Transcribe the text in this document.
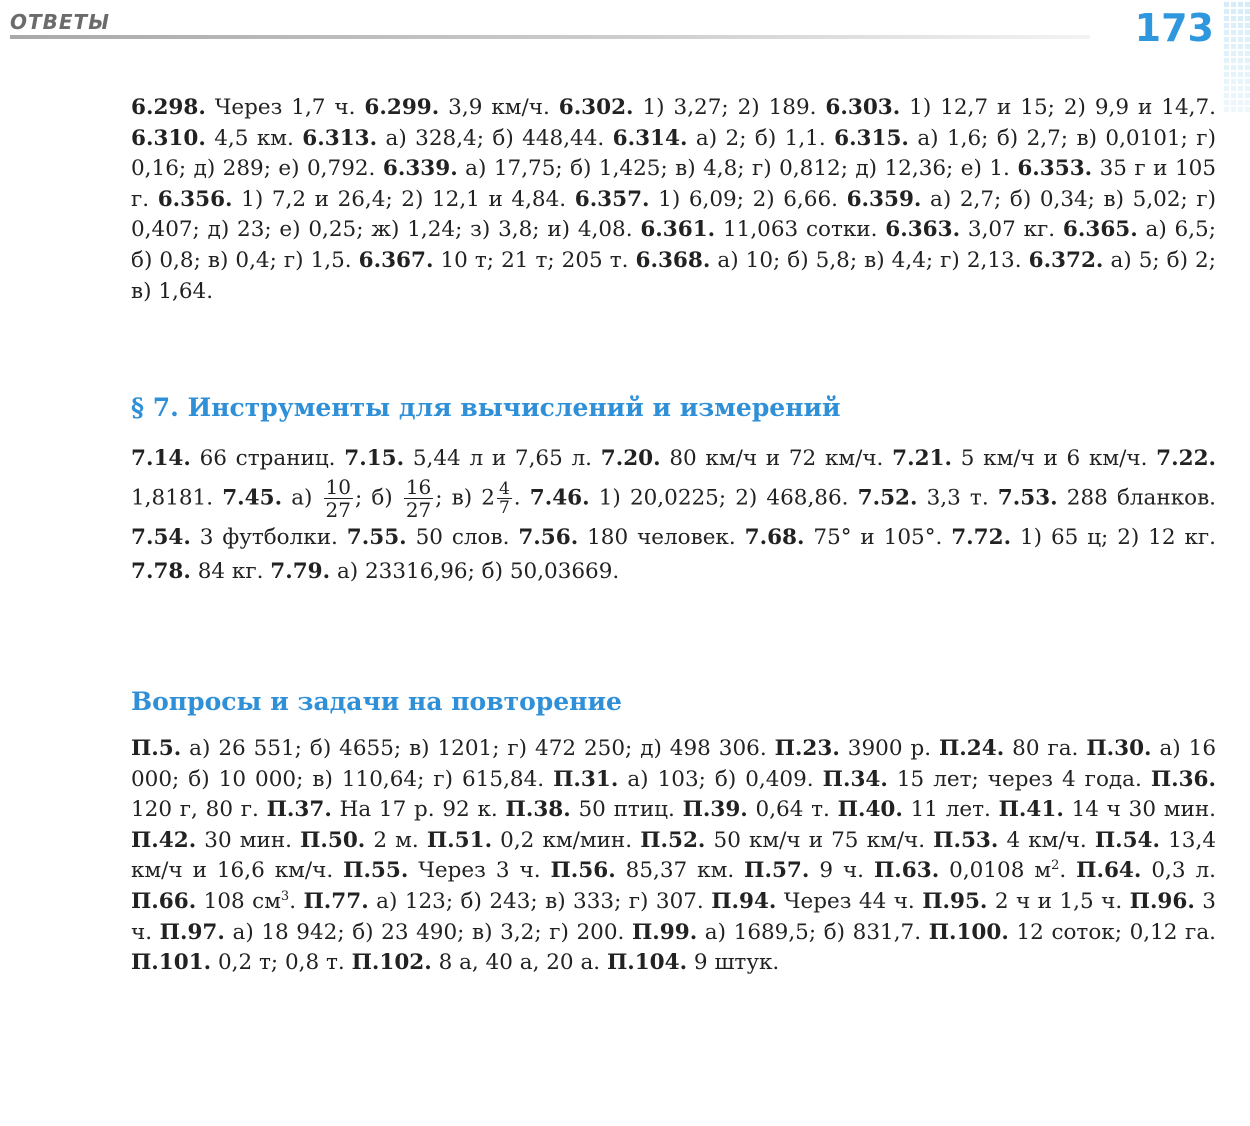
ОТВЕТЫ	173
6.298. Через 1,7 ч. 6.299. 3,9 км/ч. 6.302. 1) 3,27; 2) 189. 6.303. 1) 12,7 и 15; 2) 9,9 и 14,7. 6.310. 4,5 км. 6.313. а) 328,4; б) 448,44. 6.314. а) 2; б) 1,1. 6.315. а) 1,6; б) 2,7; в) 0,0101; г) 0,16; д) 289; е) 0,792. 6.339. а) 17,75; б) 1,425; в) 4,8; г) 0,812; д) 12,36; е) 1. 6.353. 35 г и 105 г. 6.356. 1) 7,2 и 26,4; 2) 12,1 и 4,84. 6.357. 1) 6,09; 2) 6,66. 6.359. а) 2,7; б) 0,34; в) 5,02; г) 0,407; д) 23; е) 0,25; ж) 1,24; з) 3,8; и) 4,08. 6.361. 11,063 сотки. 6.363. 3,07 кг. 6.365. а) 6,5; б) 0,8; в) 0,4; г) 1,5. 6.367. 10 т; 21 т; 205 т. 6.368. а) 10; б) 5,8; в) 4,4; г) 2,13. 6.372. а) 5; б) 2; в) 1,64.
§ 7. Инструменты для вычислений и измерений
7.14. 66 страниц. 7.15. 5,44 л и 7,65 л. 7.20. 80 км/ч и 72 км/ч. 7.21. 5 км/ч и 6 км/ч. 7.22. 1,8181. 7.45. $а) \frac{10}{27}$ ; $б) \frac{16}{27}$ ; в) $2 \frac{4}{7}$ . 7.46. 1) 20,0225; 2) 468,86. 7.52. 3,3 т. 7.53. 288 бланков. 7.54. 3 футболки. 7.55. 50 слов. 7.56. 180 человек. 7.68. 75° и 105°. 7.72. 1) 65 ц; 2) 12 кг. 7.78. 84 кг. 7.79. а) 23316,96; б) 50,03669.
Вопросы и задачи на повторение
П.5. а) 26 551; б) 4655; в) 1201; г) 472 250; д) 498 306. П.23. 3900 р. П.24. 80 га. П.30. а) 16 000; б) 10 000; в) 110,64; г) 615,84. П.31. а) 103; б) 0,409. П.34. 15 лет; через 4 года. П.36. 120 г, 80 г. П.37. На 17 р. 92 к. П.38. 50 птиц. П.39. 0,64 т. П.40. 11 лет. П.41. 14 ч 30 мин. П.42. 30 мин. П.50. 2 м. П.51. 0,2 км/мин. П.52. 50 км/ч и 75 км/ч. П.53. 4 км/ч. П.54. 13,4 км/ч и 16,6 км/ч. П.55. Через 3 ч. П.56. 85,37 км. П.57. 9 ч. П.63. 0,0108 $м^2$. П.64. 0,3 л. П.66. 108 $см^3$. П.77. а) 123; б) 243; в) 333; г) 307. П.94. Через 44 ч. П.95. 2 ч и 1,5 ч. П.96. 3 ч. П.97. а) 18 942; б) 23 490; в) 3,2; г) 200. П.99. а) 1689,5; б) 831,7. П.100. 12 соток; 0,12 га. П.101. 0,2 т; 0,8 т. П.102. 8 а, 40 а, 20 а. П.104. 9 штук.
